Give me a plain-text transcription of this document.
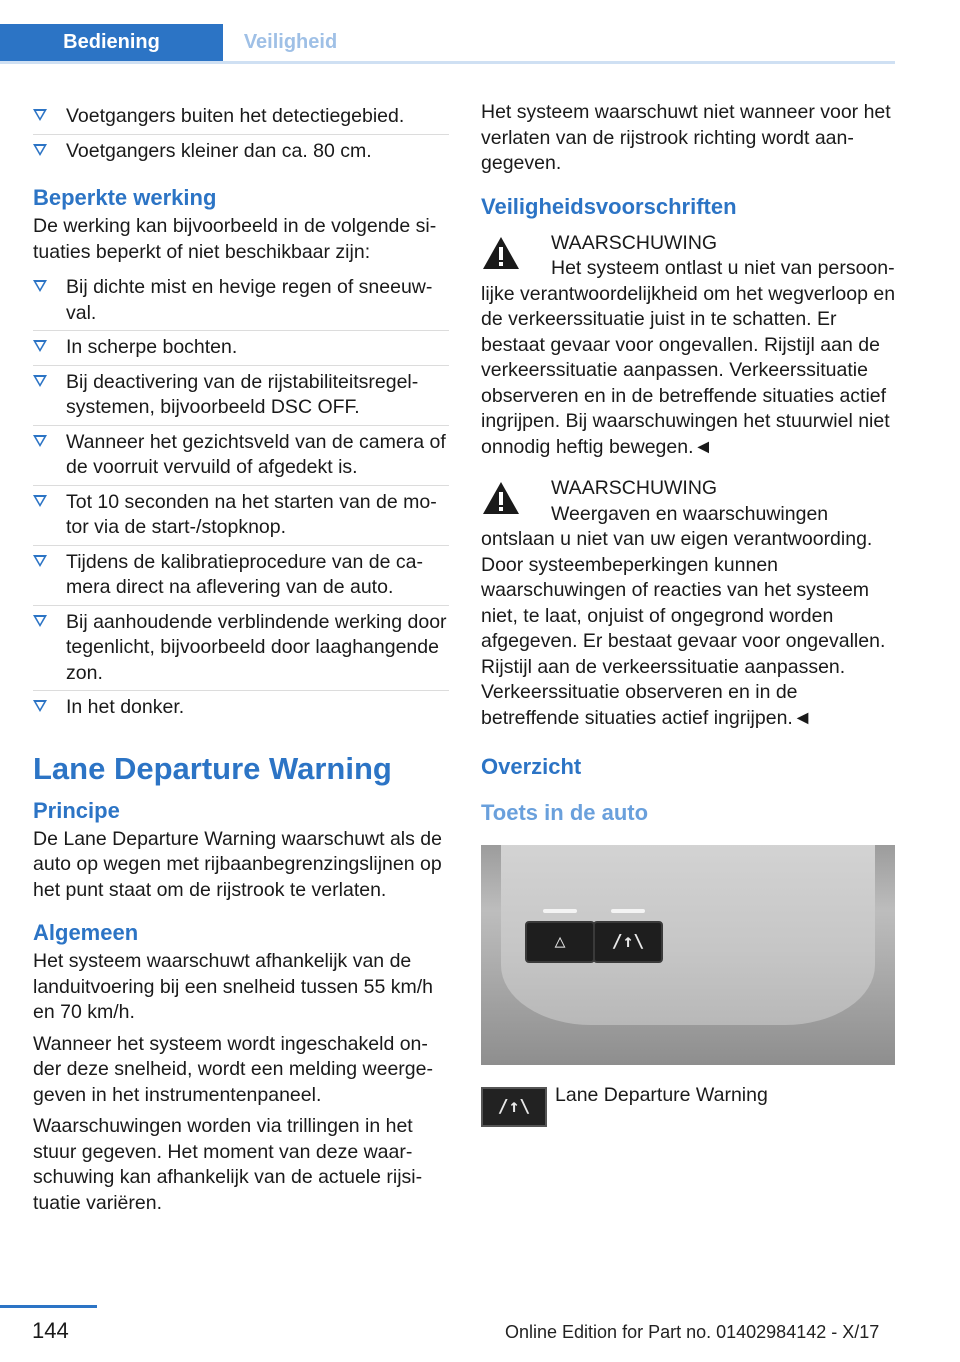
Bediening	Veiligheid
Voetgangers buiten het detectiegebied.
Voetgangers kleiner dan ca. 80 cm.
Beperkte werking

De werking kan bijvoorbeeld in de volgende situaties beperkt of niet beschikbaar zijn:

Bij dichte mist en hevige regen of sneeuwval.
In scherpe bochten.
Bij deactivering van de rijstabiliteitsregelsystemen, bijvoorbeeld DSC OFF.
Wanneer het gezichtsveld van de camera of de voorruit vervuild of afgedekt is.
Tot 10 seconden na het starten van de motor via de start-/stopknop.
Tijdens de kalibratieprocedure van de camera direct na aflevering van de auto.
Bij aanhoudende verblindende werking door tegenlicht, bijvoorbeeld door laaghangende zon.
In het donker.
Lane Departure Warning
Principe

De Lane Departure Warning waarschuwt als de auto op wegen met rijbaanbegrenzingslijnen op het punt staat om de rijstrook te verlaten.

Algemeen

Het systeem waarschuwt afhankelijk van de landuitvoering bij een snelheid tussen 55 km/h en 70 km/h.

Wanneer het systeem wordt ingeschakeld onder deze snelheid, wordt een melding weergegeven in het instrumentenpaneel.

Waarschuwingen worden via trillingen in het stuur gegeven. Het moment van deze waarschuwing kan afhankelijk van de actuele rijsituatie variëren.

Het systeem waarschuwt niet wanneer voor het verlaten van de rijstrook richting wordt aangegeven.

Veiligheidsvoorschriften
WAARSCHUWING

Het systeem ontlast u niet van persoonlijke verantwoordelijkheid om het wegverloop en de verkeerssituatie juist in te schatten. Er bestaat gevaar voor ongevallen. Rijstijl aan de verkeerssituatie aanpassen. Verkeerssituatie observeren en in de betreffende situaties actief ingrijpen. Bij waarschuwingen het stuurwiel niet onnodig heftig bewegen.◄

WAARSCHUWING

Weergaven en waarschuwingen ontslaan u niet van uw eigen verantwoording. Door systeembeperkingen kunnen waarschuwingen of reacties van het systeem niet, te laat, onjuist of ongegrond worden afgegeven. Er bestaat gevaar voor ongevallen. Rijstijl aan de verkeerssituatie aanpassen. Verkeerssituatie observeren en in de betreffende situaties actief ingrijpen.◄

Overzicht
Toets in de auto
△	/↑\
/↑\
Lane Departure Warning
144	Online Edition for Part no. 01402984142 - X/17
